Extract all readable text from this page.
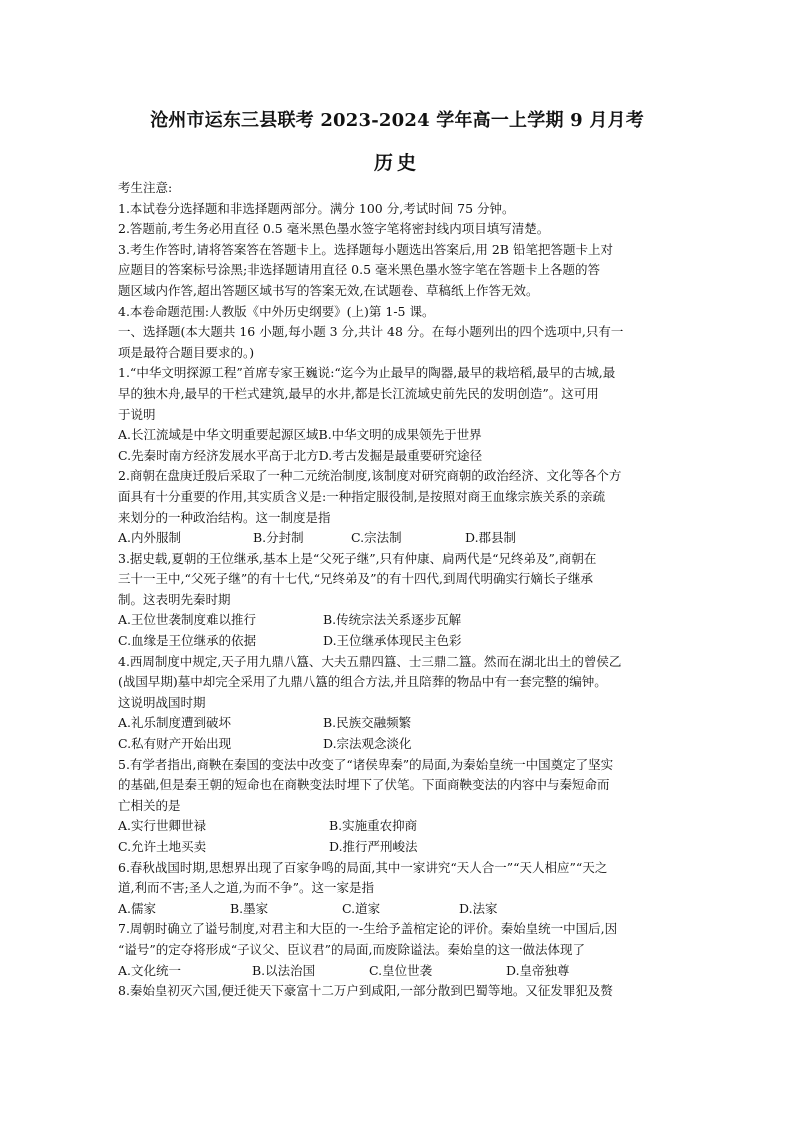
沧州市运东三县联考 2023-2024 学年高一上学期 9 月月考
历史

考生注意:

1.本试卷分选择题和非选择题两部分。满分 100 分,考试时间 75 分钟。

2.答题前,考生务必用直径 0.5 毫米黑色墨水签字笔将密封线内项目填写清楚。

3.考生作答时,请将答案答在答题卡上。选择题每小题选出答案后,用 2B 铅笔把答题卡上对

应题目的答案标号涂黑;非选择题请用直径 0.5 毫米黑色墨水签字笔在答题卡上各题的答

题区域内作答,超出答题区域书写的答案无效,在试题卷、草稿纸上作答无效。

4.本卷命题范围:人教版《中外历史纲要》(上)第 1-5 课。

一、选择题(本大题共 16 小题,每小题 3 分,共计 48 分。在每小题列出的四个选项中,只有一

项是最符合题目要求的。)

1.“中华文明探源工程”首席专家王巍说:“迄今为止最早的陶器,最早的栽培稻,最早的古城,最

早的独木舟,最早的干栏式建筑,最早的水井,都是长江流域史前先民的发明创造”。这可用

于说明

A.长江流域是中华文明重要起源区域 B.中华文明的成果领先于世界
C.先秦时南方经济发展水平高于北方 D.考古发掘是最重要研究途径

2.商朝在盘庚迁殷后采取了一种二元统治制度,该制度对研究商朝的政治经济、文化等各个方

面具有十分重要的作用,其实质含义是:一种指定服役制,是按照对商王血缘宗族关系的亲疏

来划分的一种政治结构。这一制度是指

A.内外服制	B.分封制	C.宗法制	D.郡县制

3.据史载,夏朝的王位继承,基本上是“父死子继”,只有仲康、扃两代是“兄终弟及”,商朝在

三十一王中,“父死子继”的有十七代,“兄终弟及”的有十四代,到周代明确实行嫡长子继承

制。这表明先秦时期

A.王位世袭制度难以推行	B.传统宗法关系逐步瓦解
C.血缘是王位继承的依据	D.王位继承体现民主色彩

4.西周制度中规定,天子用九鼎八簋、大夫五鼎四簋、士三鼎二簋。然而在湖北出土的曾侯乙

(战国早期)墓中却完全采用了九鼎八簋的组合方法,并且陪葬的物品中有一套完整的编钟。

这说明战国时期

A.礼乐制度遭到破坏	B.民族交融频繁
C.私有财产开始出现	D.宗法观念淡化

5.有学者指出,商鞅在秦国的变法中改变了“诸侯卑秦”的局面,为秦始皇统一中国奠定了坚实

的基础,但是秦王朝的短命也在商鞅变法时埋下了伏笔。下面商鞅变法的内容中与秦短命而

亡相关的是

A.实行世卿世禄	B.实施重农抑商
C.允许土地买卖	D.推行严刑峻法

6.春秋战国时期,思想界出现了百家争鸣的局面,其中一家讲究“天人合一”“天人相应”“天之

道,利而不害;圣人之道,为而不争”。这一家是指

A.儒家	B.墨家	C.道家	D.法家

7.周朝时确立了谥号制度,对君主和大臣的一-生给予盖棺定论的评价。秦始皇统一中国后,因

“谥号”的定夺将形成“子议父、臣议君”的局面,而废除谥法。秦始皇的这一做法体现了

A.文化统一	B.以法治国	C.皇位世袭	D.皇帝独尊

8.秦始皇初灭六国,便迁徙天下豪富十二万户到咸阳,一部分散到巴蜀等地。又征发罪犯及赘
